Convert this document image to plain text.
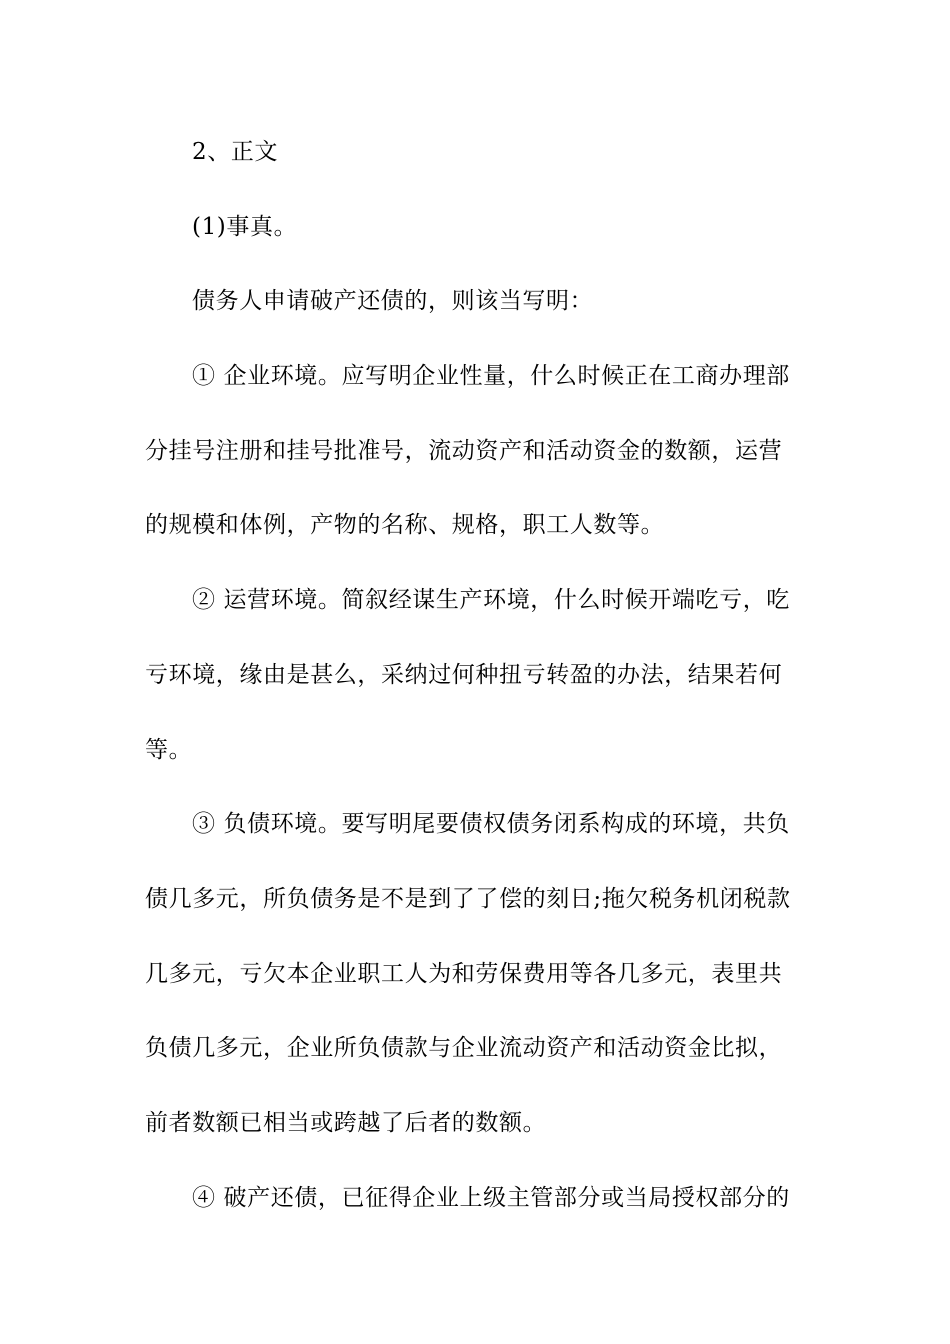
2、正文
(1)事真。
债务人申请破产还债的，则该当写明：
① 企业环境。应写明企业性量，什么时候正在工商办理部
分挂号注册和挂号批准号，流动资产和活动资金的数额，运营
的规模和体例，产物的名称、规格，职工人数等。
② 运营环境。简叙经谋生产环境，什么时候开端吃亏，吃
亏环境，缘由是甚么，采纳过何种扭亏转盈的办法，结果若何
等。
③ 负债环境。要写明尾要债权债务闭系构成的环境，共负
债几多元，所负债务是不是到了了偿的刻日;拖欠税务机闭税款
几多元，亏欠本企业职工人为和劳保费用等各几多元，表里共
负债几多元，企业所负债款与企业流动资产和活动资金比拟，
前者数额已相当或跨越了后者的数额。
④ 破产还债，已征得企业上级主管部分或当局授权部分的
